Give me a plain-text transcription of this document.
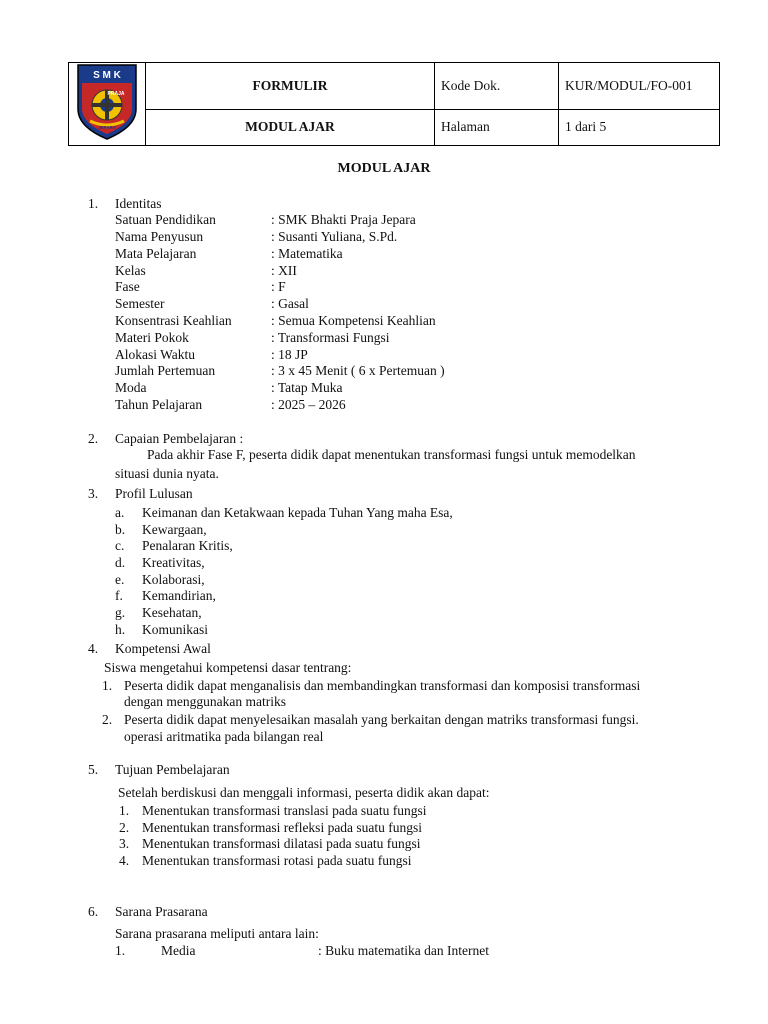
S M K
PRAJA
JEPARA	FORMULIR	Kode Dok.	KUR/MODUL/FO-001
	MODUL AJAR	Halaman	1 dari 5
MODUL AJAR
1. Identitas
Satuan Pendidikan	: SMK Bhakti Praja Jepara
Nama Penyusun	: Susanti Yuliana, S.Pd.
Mata Pelajaran	: Matematika
Kelas	: XII
Fase	: F
Semester	: Gasal
Konsentrasi Keahlian	: Semua Kompetensi Keahlian
Materi Pokok	: Transformasi Fungsi
Alokasi Waktu	: 18 JP
Jumlah Pertemuan	: 3 x 45 Menit ( 6 x Pertemuan )
Moda	: Tatap Muka
Tahun Pelajaran	: 2025 – 2026
2. Capaian Pembelajaran :
Pada akhir Fase F, peserta didik dapat menentukan transformasi fungsi untuk memodelkan
situasi dunia nyata.
3. Profil Lulusan
a. Keimanan dan Ketakwaan kepada Tuhan Yang maha Esa,
b. Kewargaan,
c. Penalaran Kritis,
d. Kreativitas,
e. Kolaborasi,
f. Kemandirian,
g. Kesehatan,
h. Komunikasi
4. Kompetensi Awal
Siswa mengetahui kompetensi dasar tentrang:
1. Peserta didik dapat menganalisis dan membandingkan transformasi dan komposisi transformasi
dengan menggunakan matriks
2. Peserta didik dapat menyelesaikan masalah yang berkaitan dengan matriks transformasi fungsi.
operasi aritmatika pada bilangan real
5. Tujuan Pembelajaran
Setelah berdiskusi dan menggali informasi, peserta didik akan dapat:
1. Menentukan transformasi translasi pada suatu fungsi
2. Menentukan transformasi refleksi pada suatu fungsi
3. Menentukan transformasi dilatasi pada suatu fungsi
4. Menentukan transformasi rotasi pada suatu fungsi
6. Sarana Prasarana
Sarana prasarana meliputi antara lain:
1.	Media	: Buku matematika dan Internet
